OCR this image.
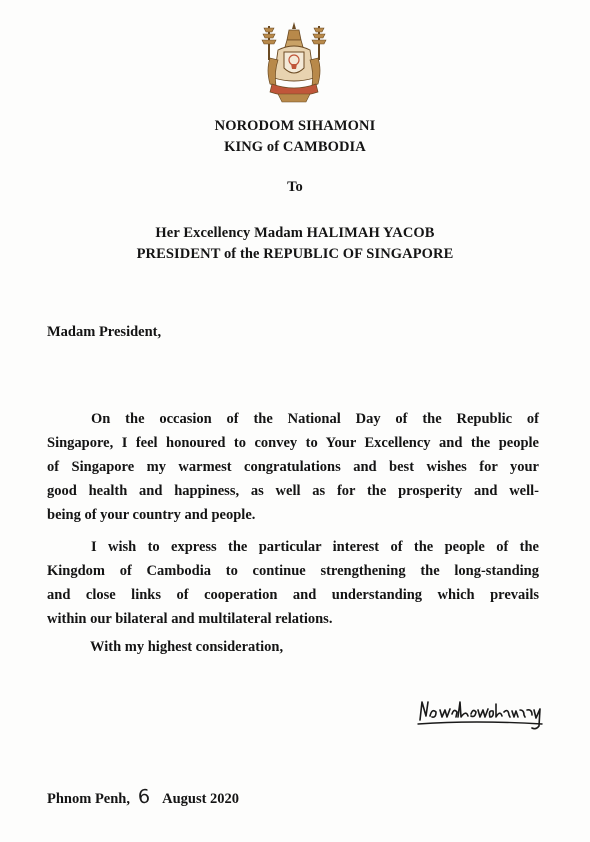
NORODOM SIHAMONI
KING of CAMBODIA
To
Her Excellency Madam HALIMAH YACOB
PRESIDENT of the REPUBLIC OF SINGAPORE
Madam President,
On the occasion of the National Day of the Republic of
Singapore, I feel honoured to convey to Your Excellency and the people
of Singapore my warmest congratulations and best wishes for your
good health and happiness, as well as for the prosperity and well-
being of your country and people.
I wish to express the particular interest of the people of the
Kingdom of Cambodia to continue strengthening the long-standing
and close links of cooperation and understanding which prevails
within our bilateral and multilateral relations.
With my highest consideration,
Phnom Penh, 6 August 2020
